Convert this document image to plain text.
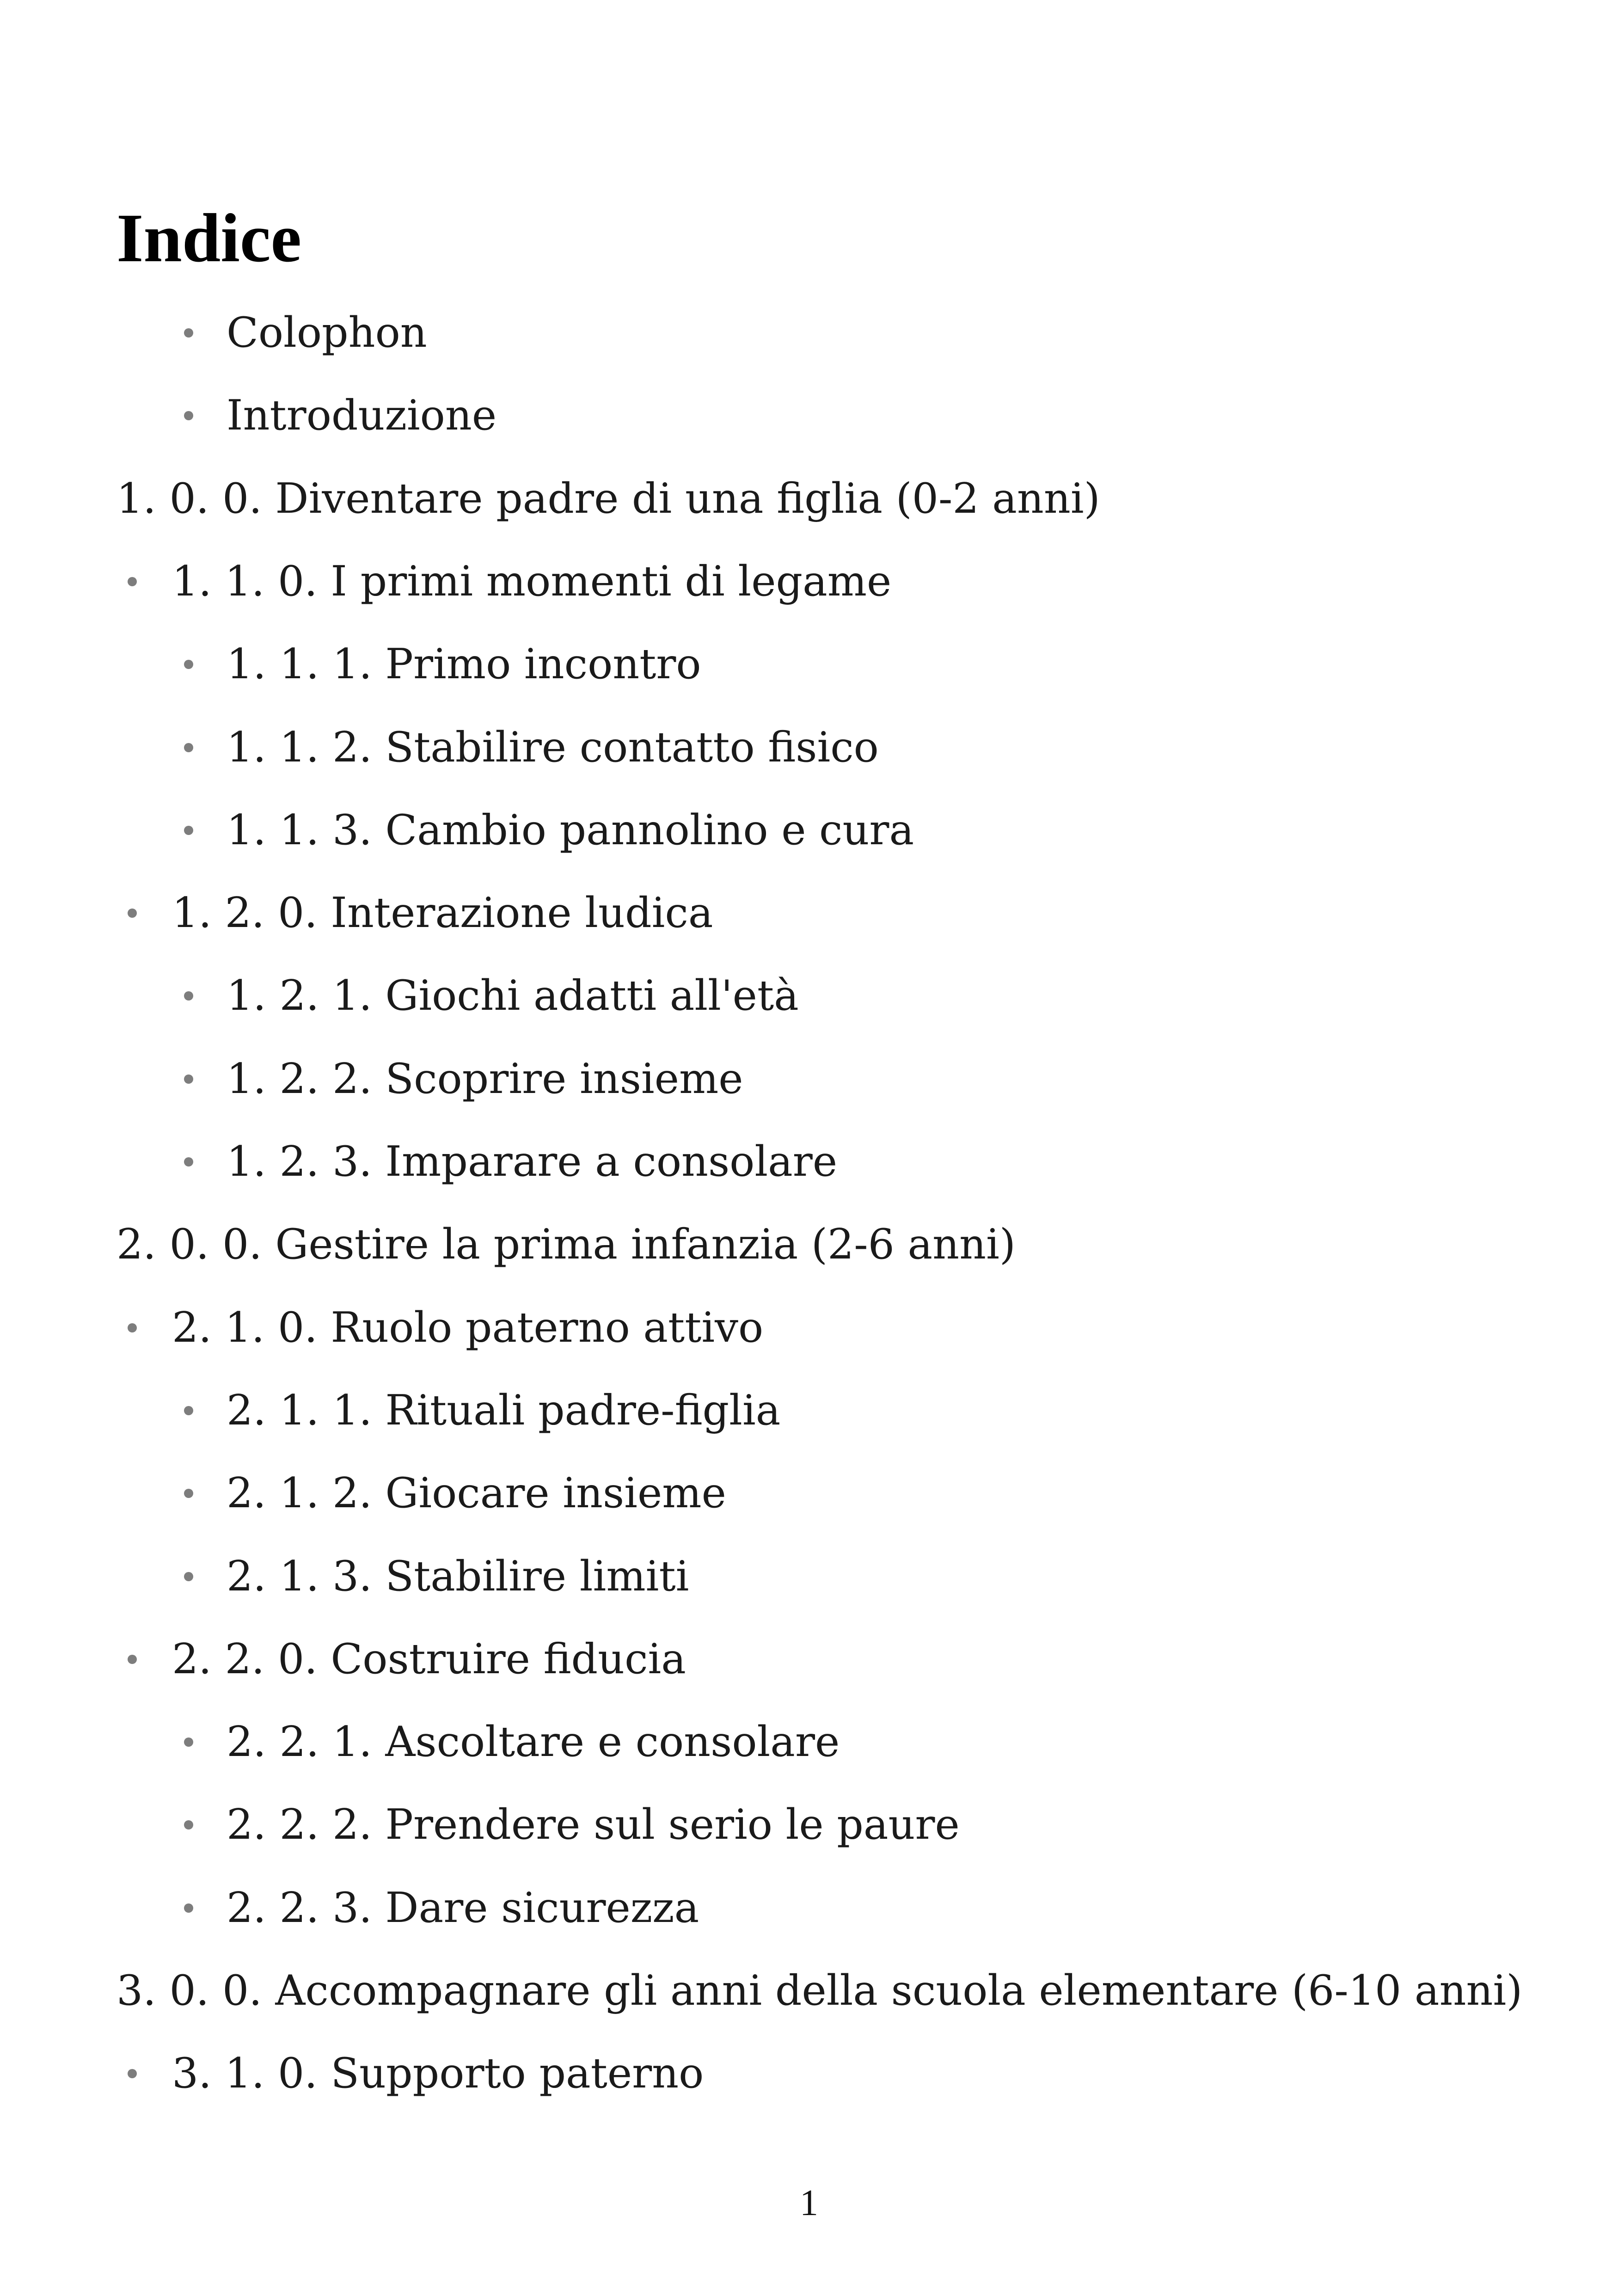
Indice
Colophon
Introduzione
1. 0. 0. Diventare padre di una figlia (0-2 anni)
1. 1. 0. I primi momenti di legame
1. 1. 1. Primo incontro
1. 1. 2. Stabilire contatto fisico
1. 1. 3. Cambio pannolino e cura
1. 2. 0. Interazione ludica
1. 2. 1. Giochi adatti all'età
1. 2. 2. Scoprire insieme
1. 2. 3. Imparare a consolare
2. 0. 0. Gestire la prima infanzia (2-6 anni)
2. 1. 0. Ruolo paterno attivo
2. 1. 1. Rituali padre-figlia
2. 1. 2. Giocare insieme
2. 1. 3. Stabilire limiti
2. 2. 0. Costruire fiducia
2. 2. 1. Ascoltare e consolare
2. 2. 2. Prendere sul serio le paure
2. 2. 3. Dare sicurezza
3. 0. 0. Accompagnare gli anni della scuola elementare (6-10 anni)
3. 1. 0. Supporto paterno
1
